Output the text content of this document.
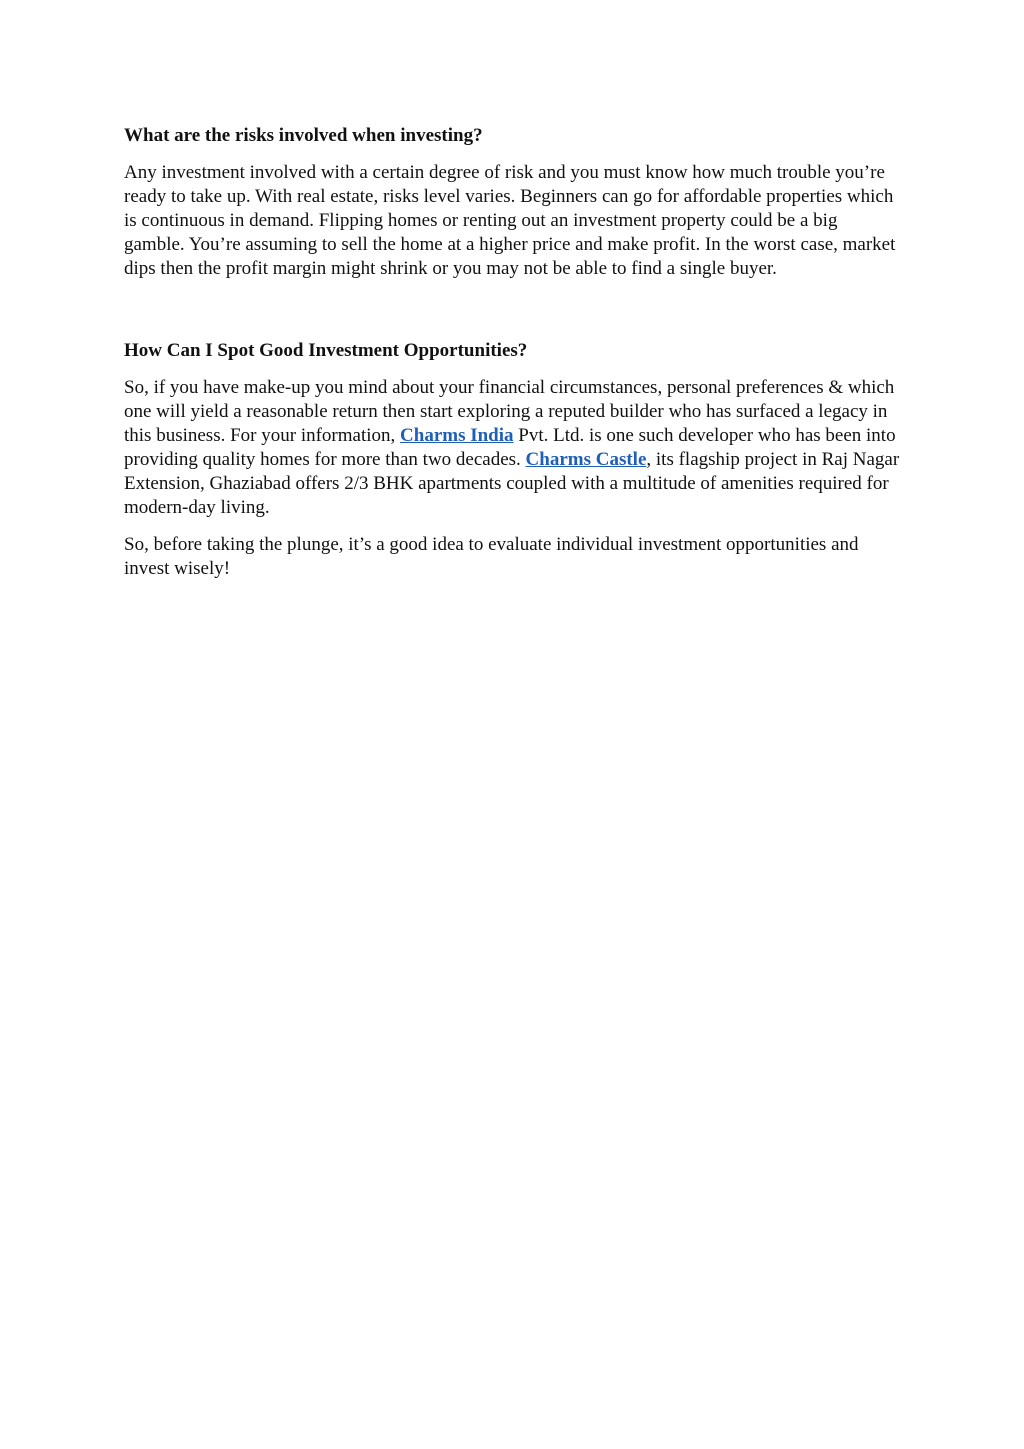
What are the risks involved when investing?

Any investment involved with a certain degree of risk and you must know how much trouble you’re ready to take up. With real estate, risks level varies. Beginners can go for affordable properties which is continuous in demand. Flipping homes or renting out an investment property could be a big gamble. You’re assuming to sell the home at a higher price and make profit. In the worst case, market dips then the profit margin might shrink or you may not be able to find a single buyer.

How Can I Spot Good Investment Opportunities?

So, if you have make-up you mind about your financial circumstances, personal preferences & which one will yield a reasonable return then start exploring a reputed builder who has surfaced a legacy in this business. For your information, Charms India Pvt. Ltd. is one such developer who has been into providing quality homes for more than two decades. Charms Castle, its flagship project in Raj Nagar Extension, Ghaziabad offers 2/3 BHK apartments coupled with a multitude of amenities required for modern-day living.

So, before taking the plunge, it’s a good idea to evaluate individual investment opportunities and invest wisely!
